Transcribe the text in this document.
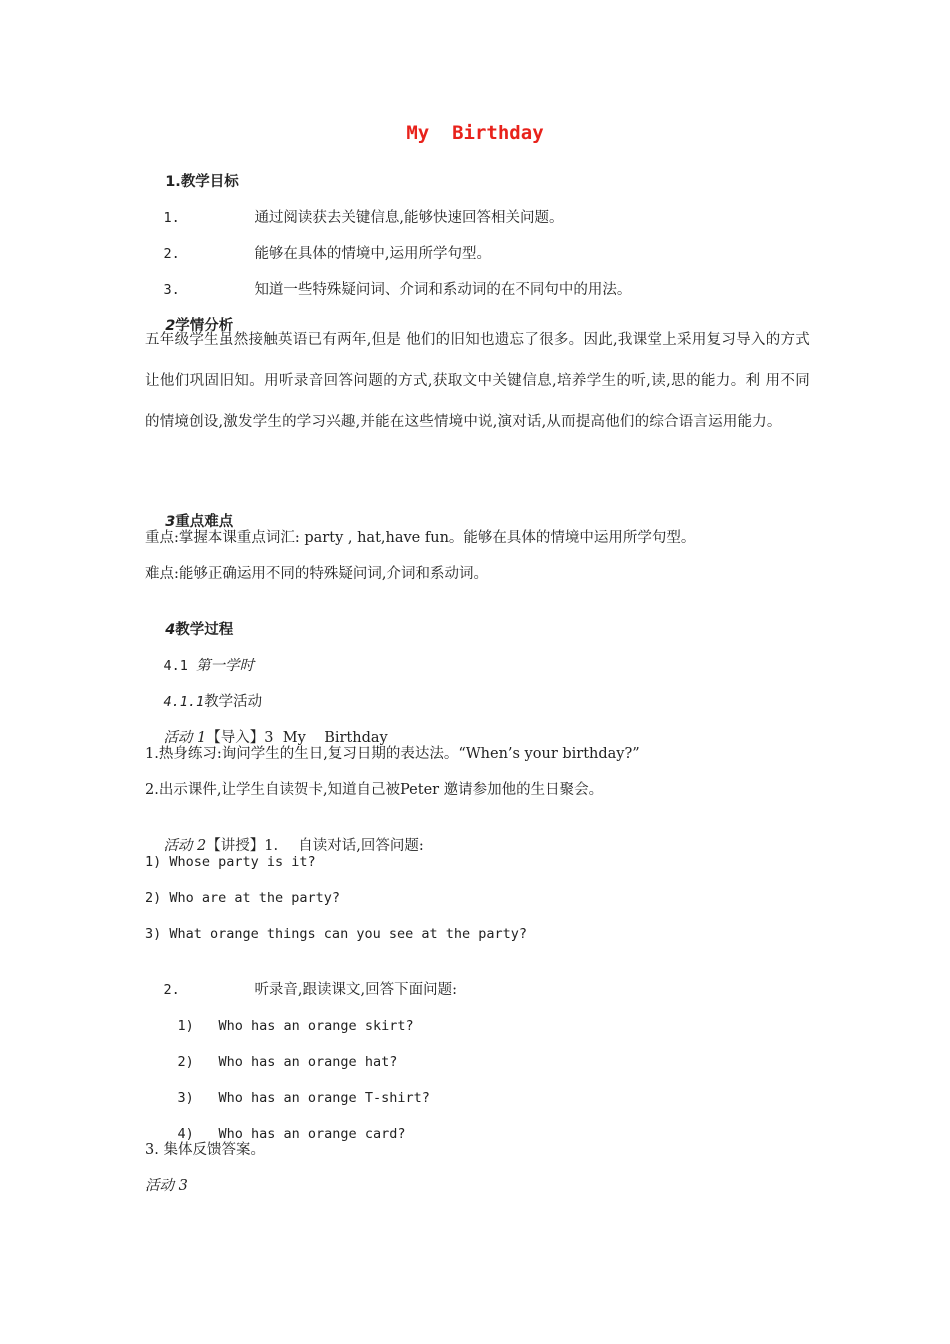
My  Birthday

1.教学目标

1.	通过阅读获去关键信息,能够快速回答相关问题。

2.	能够在具体的情境中,运用所学句型。

3.	知道一些特殊疑问词、介词和系动词的在不同句中的用法。

2学情分析

五年级学生虽然接触英语已有两年,但是 他们的旧知也遗忘了很多。因此,我课堂上采用复习导入的方式让他们巩固旧知。用听录音回答问题的方式,获取文中关键信息,培养学生的听,读,思的能力。利 用不同的情境创设,激发学生的学习兴趣,并能在这些情境中说,演对话,从而提高他们的综合语言运用能力。

3重点难点

重点:掌握本课重点词汇: party , hat,have fun。能够在具体的情境中运用所学句型。
难点:能够正确运用不同的特殊疑问词,介词和系动词。

4教学过程

4.1 第一学时

4.1.1教学活动

活动 1【导入】3  My    Birthday

1.热身练习:询问学生的生日,复习日期的表达法。“When’s your birthday?”
2.出示课件,让学生自读贺卡,知道自己被Peter 邀请参加他的生日聚会。

活动 2【讲授】1. 自读对话,回答问题:

1) Whose party is it?
2) Who are at the party?
3) What orange things can you see at the party?

2.	听录音,跟读课文,回答下面问题:

1) Who has an orange skirt?

2) Who has an orange hat?

3) Who has an orange T-shirt?

4) Who has an orange card?

3. 集体反馈答案。
活动 3
